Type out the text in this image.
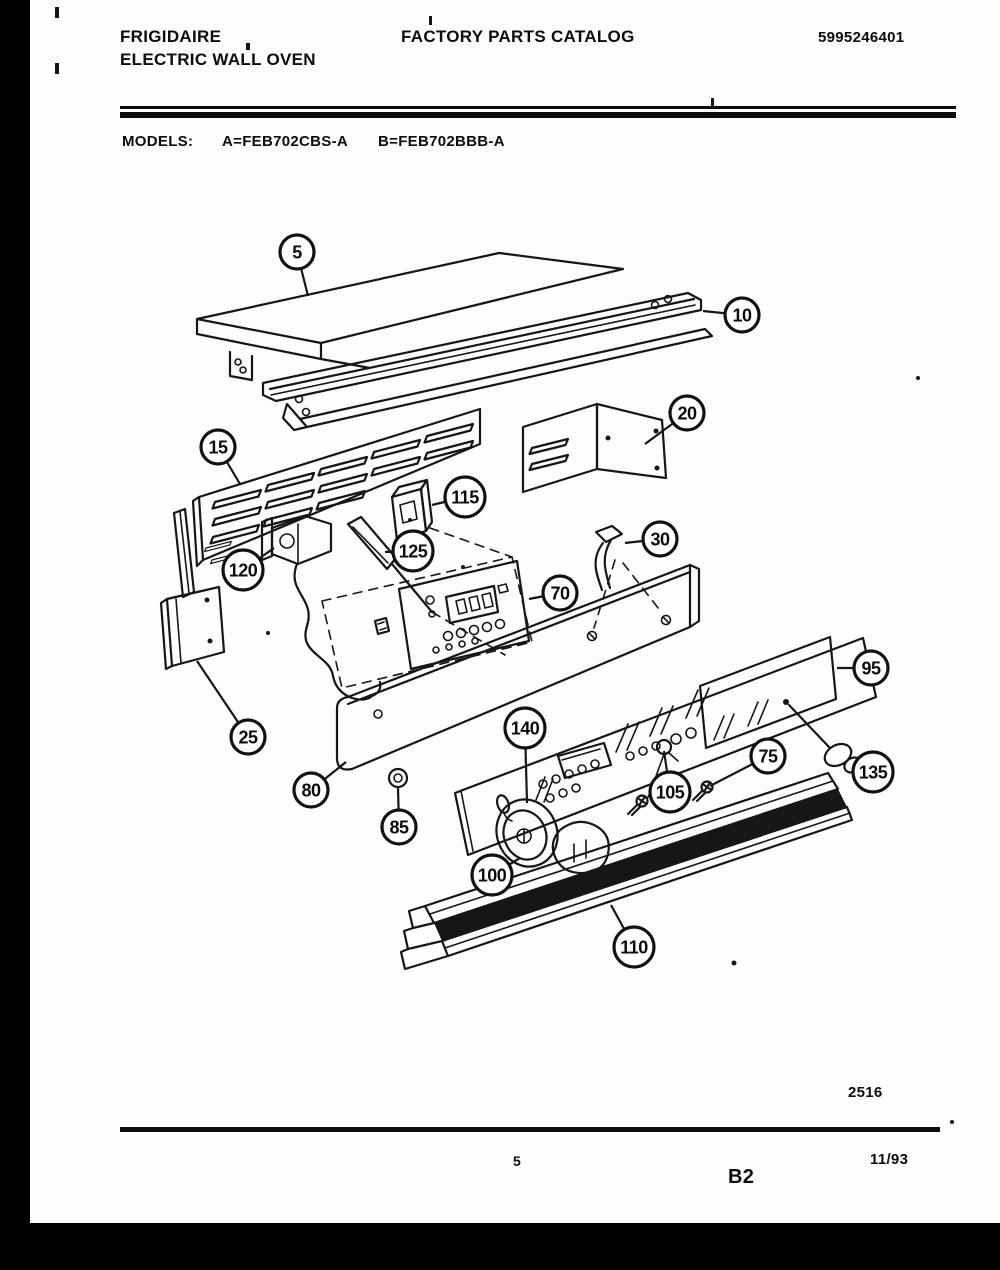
FRIGIDAIRE
ELECTRIC WALL OVEN
FACTORY PARTS CATALOG	5995246401
MODELS: A=FEB702CBS-A B=FEB702BBB-A
5
10
15
20
115
125
120
30
70
25
95
140
80
85
105
75
135
100
110
2516
5
B2
11/93
